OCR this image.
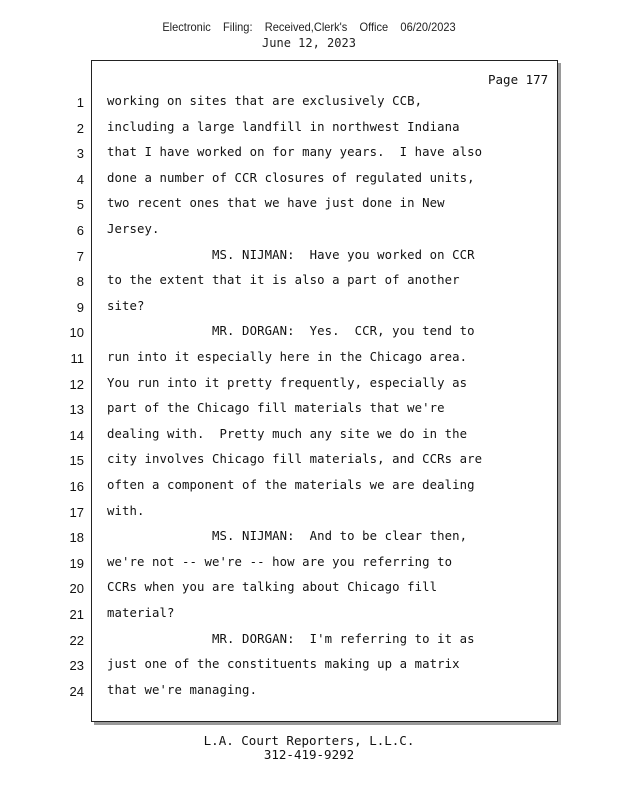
Electronic Filing: Received,Clerk's Office 06/20/2023
June 12, 2023
Page 177
1 working on sites that are exclusively CCB,
2 including a large landfill in northwest Indiana
3 that I have worked on for many years.  I have also
4 done a number of CCR closures of regulated units,
5 two recent ones that we have just done in New
6 Jersey.
7 MS. NIJMAN:  Have you worked on CCR
8 to the extent that it is also a part of another
9 site?
10 MR. DORGAN:  Yes.  CCR, you tend to
11 run into it especially here in the Chicago area.
12 You run into it pretty frequently, especially as
13 part of the Chicago fill materials that we're
14 dealing with.  Pretty much any site we do in the
15 city involves Chicago fill materials, and CCRs are
16 often a component of the materials we are dealing
17 with.
18 MS. NIJMAN:  And to be clear then,
19 we're not -- we're -- how are you referring to
20 CCRs when you are talking about Chicago fill
21 material?
22 MR. DORGAN:  I'm referring to it as
23 just one of the constituents making up a matrix
24 that we're managing.
L.A. Court Reporters, L.L.C.
312-419-9292
